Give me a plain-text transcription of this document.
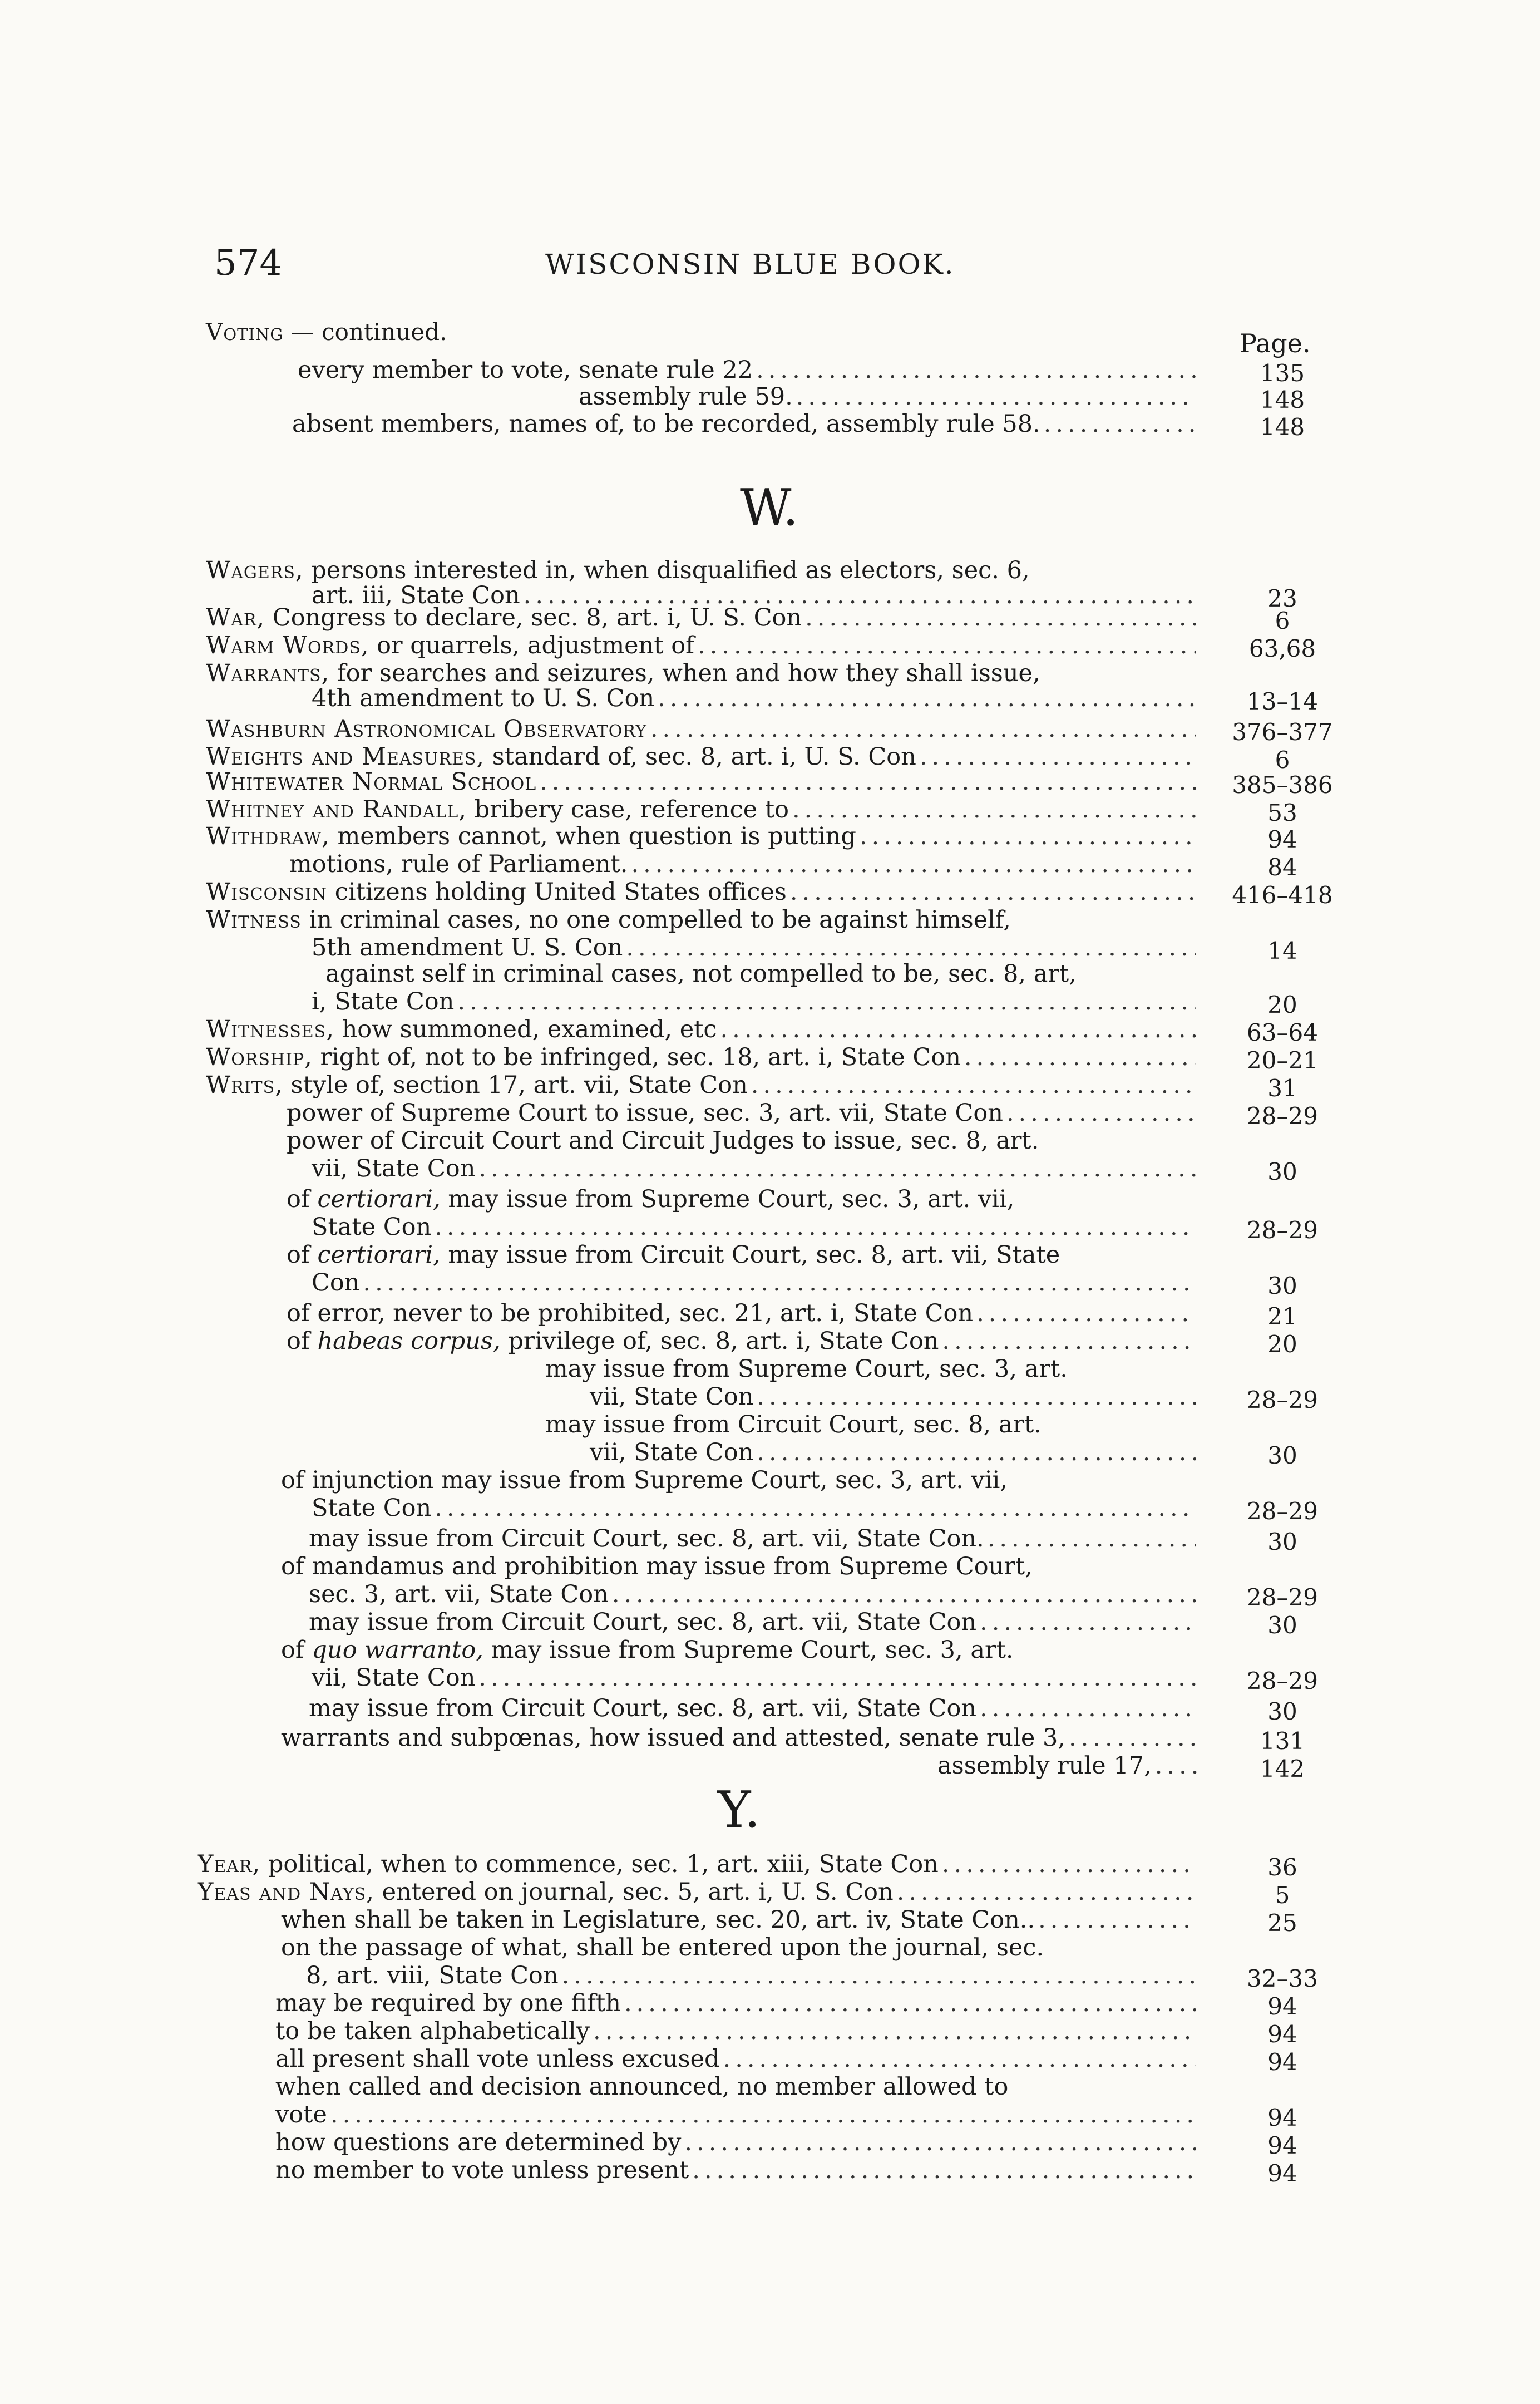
574	WISCONSIN BLUE BOOK.
Voting — continued.	Page.
W.
Y.
every member to vote, senate rule 22 .....	135
assembly rule 59. .....	148
absent members, names of, to be recorded, assembly rule 58. .....	148
Wagers, persons interested in, when disqualified as electors, sec. 6,
art. iii, State Con .....	23
War, Congress to declare, sec. 8, art. i, U. S. Con .....	6
Warm Words, or quarrels, adjustment of .....	63,68
Warrants, for searches and seizures, when and how they shall issue,
4th amendment to U. S. Con .....	13–14
Washburn Astronomical Observatory .....	376–377
Weights and Measures, standard of, sec. 8, art. i, U. S. Con .....	6
Whitewater Normal School .....	385–386
Whitney and Randall, bribery case, reference to .....	53
Withdraw, members cannot, when question is putting .....	94
motions, rule of Parliament. .....	84
Wisconsin citizens holding United States offices .....	416–418
Witness in criminal cases, no one compelled to be against himself,
5th amendment U. S. Con .....	14
against self in criminal cases, not compelled to be, sec. 8, art,
i, State Con .....	20
Witnesses, how summoned, examined, etc .....	63–64
Worship, right of, not to be infringed, sec. 18, art. i, State Con .....	20–21
Writs, style of, section 17, art. vii, State Con .....	31
power of Supreme Court to issue, sec. 3, art. vii, State Con .....	28–29
power of Circuit Court and Circuit Judges to issue, sec. 8, art.
vii, State Con .....	30
of certiorari, may issue from Supreme Court, sec. 3, art. vii,
State Con .....	28–29
of certiorari, may issue from Circuit Court, sec. 8, art. vii, State
Con .....	30
of error, never to be prohibited, sec. 21, art. i, State Con .....	21
of habeas corpus, privilege of, sec. 8, art. i, State Con .....	20
may issue from Supreme Court, sec. 3, art.
vii, State Con .....	28–29
may issue from Circuit Court, sec. 8, art.
vii, State Con .....	30
of injunction may issue from Supreme Court, sec. 3, art. vii,
State Con .....	28–29
may issue from Circuit Court, sec. 8, art. vii, State Con. .....	30
of mandamus and prohibition may issue from Supreme Court,
sec. 3, art. vii, State Con .....	28–29
may issue from Circuit Court, sec. 8, art. vii, State Con .....	30
of quo warranto, may issue from Supreme Court, sec. 3, art.
vii, State Con .....	28–29
may issue from Circuit Court, sec. 8, art. vii, State Con .....	30
warrants and subpœnas, how issued and attested, senate rule 3, .....	131
assembly rule 17, .....	142
Year, political, when to commence, sec. 1, art. xiii, State Con .....	36
Yeas and Nays, entered on journal, sec. 5, art. i, U. S. Con .....	5
when shall be taken in Legislature, sec. 20, art. iv, State Con.. .....	25
on the passage of what, shall be entered upon the journal, sec.
8, art. viii, State Con .....	32–33
may be required by one fifth .....	94
to be taken alphabetically .....	94
all present shall vote unless excused .....	94
when called and decision announced, no member allowed to
vote .....	94
how questions are determined by .....	94
no member to vote unless present .....	94
